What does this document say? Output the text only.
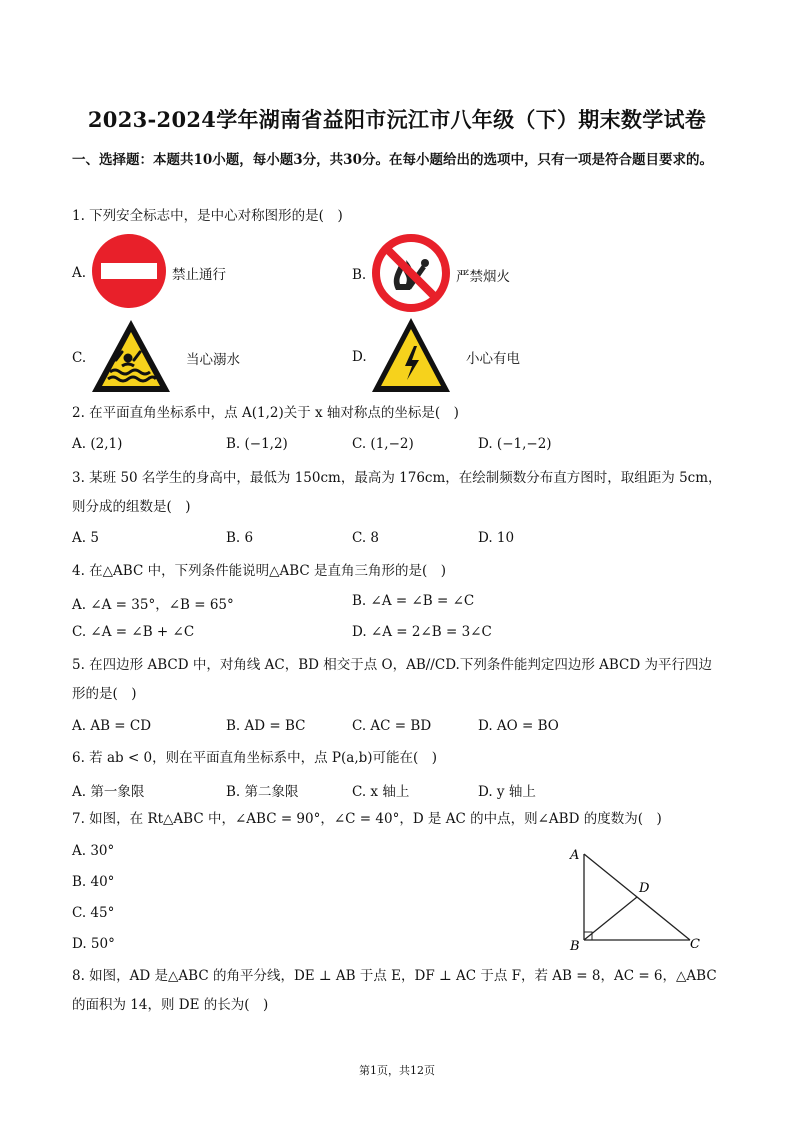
2023-2024学年湖南省益阳市沅江市八年级（下）期末数学试卷
一、选择题：本题共10小题，每小题3分，共30分。在每小题给出的选项中，只有一项是符合题目要求的。
1. 下列安全标志中，是中心对称图形的是(　)
A.	禁止通行	B.	严禁烟火
C.	当心溺水	D.	小心有电
2. 在平面直角坐标系中，点 A(1,2)关于 x 轴对称点的坐标是(　)
A. (2,1)	B. (−1,2)	C. (1,−2)	D. (−1,−2)
3. 某班 50 名学生的身高中，最低为 150cm，最高为 176cm，在绘制频数分布直方图时，取组距为 5cm，则分成的组数是(　)
A. 5	B. 6	C. 8	D. 10
4. 在△ABC 中，下列条件能说明△ABC 是直角三角形的是(　)
A. ∠A = 35°，∠B = 65°	B. ∠A = ∠B = ∠C
C. ∠A = ∠B + ∠C	D. ∠A = 2∠B = 3∠C
5. 在四边形 ABCD 中，对角线 AC，BD 相交于点 O，AB//CD.下列条件能判定四边形 ABCD 为平行四边形的是(　)
A. AB = CD	B. AD = BC	C. AC = BD	D. AO = BO
6. 若 ab < 0，则在平面直角坐标系中，点 P(a,b)可能在(　)
A. 第一象限	B. 第二象限	C. x 轴上	D. y 轴上
7. 如图，在 Rt△ABC 中，∠ABC = 90°，∠C = 40°，D 是 AC 的中点，则∠ABD 的度数为(　)
A. 30°
B. 40°
C. 45°
D. 50°
A
B	C
D
8. 如图，AD 是△ABC 的角平分线，DE ⊥ AB 于点 E，DF ⊥ AC 于点 F，若 AB = 8，AC = 6，△ABC 的面积为 14，则 DE 的长为(　)
第1页，共12页
